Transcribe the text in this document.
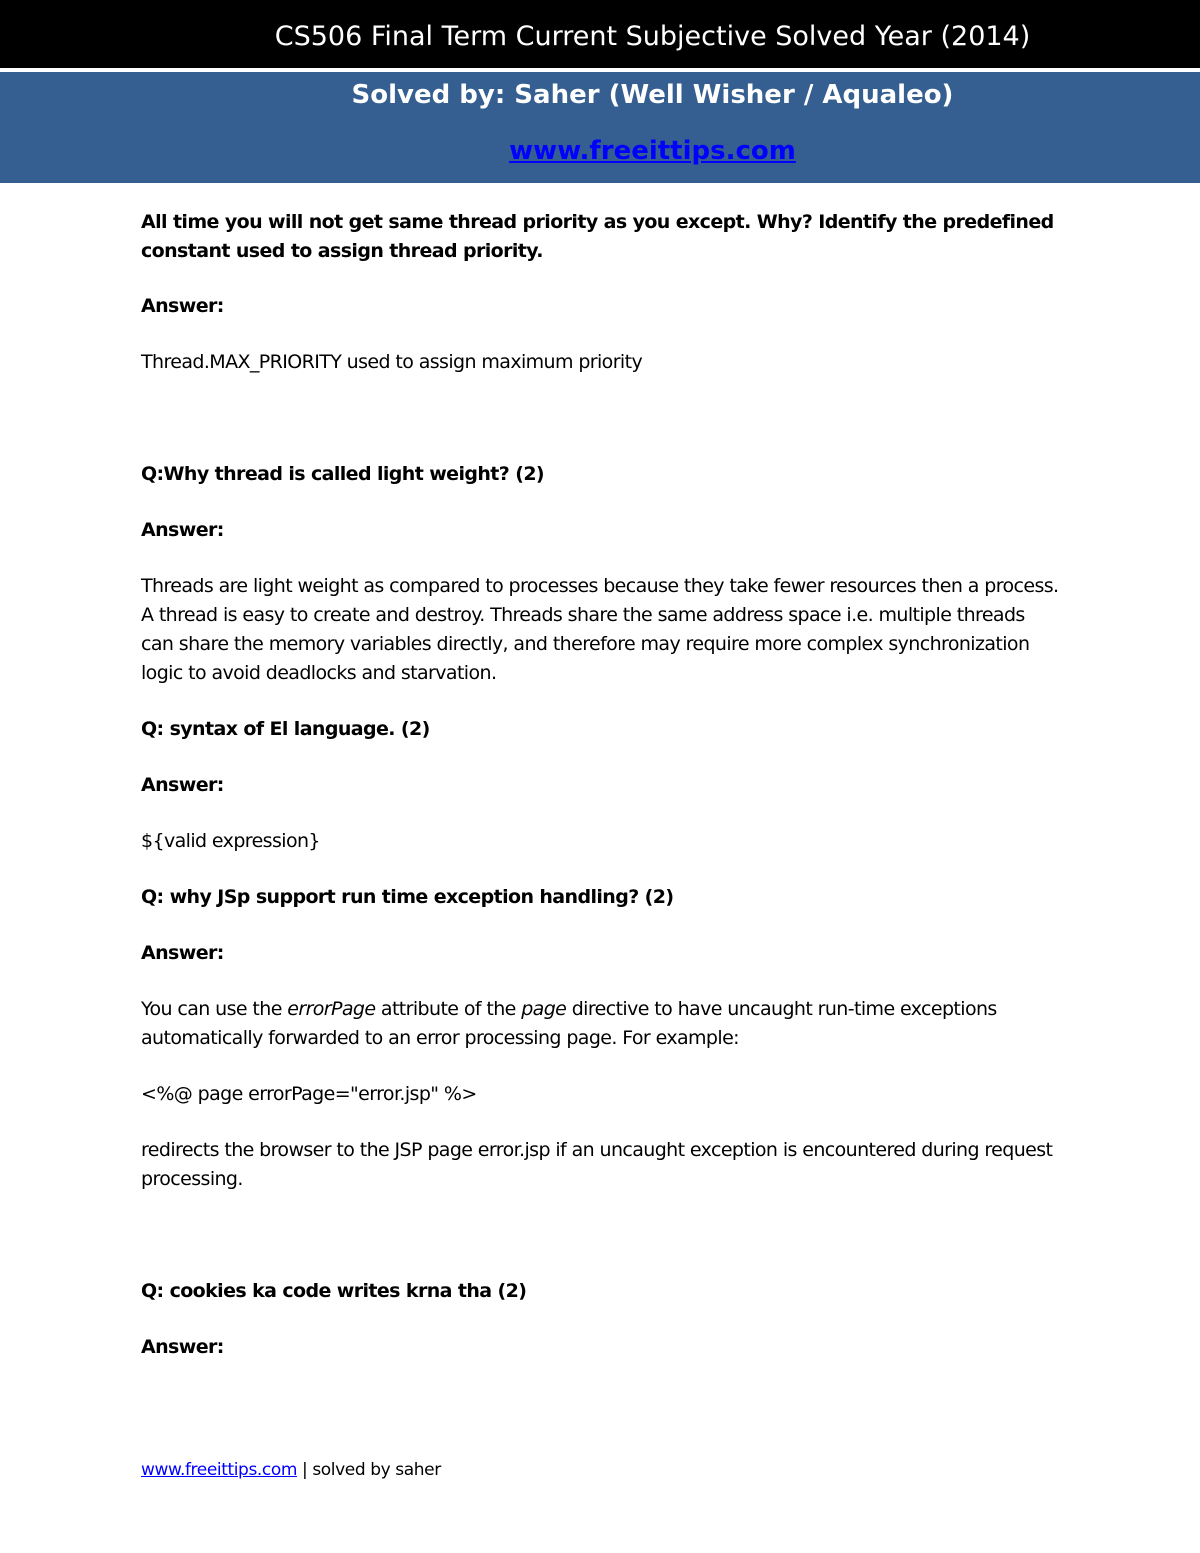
CS506 Final Term Current Subjective Solved Year (2014)
Solved by: Saher (Well Wisher / Aqualeo)
www.freeittips.com

All time you will not get same thread priority as you except. Why? Identify the predefined constant used to assign thread priority.

Answer:

Thread.MAX_PRIORITY used to assign maximum priority

Q:Why thread is called light weight? (2)

Answer:

Threads are light weight as compared to processes because they take fewer resources then a process. A thread is easy to create and destroy. Threads share the same address space i.e. multiple threads can share the memory variables directly, and therefore may require more complex synchronization logic to avoid deadlocks and starvation.

Q: syntax of El language. (2)

Answer:

${valid expression}

Q: why JSp support run time exception handling? (2)

Answer:

You can use the errorPage attribute of the page directive to have uncaught run-time exceptions automatically forwarded to an error processing page. For example:

<%@ page errorPage="error.jsp" %>

redirects the browser to the JSP page error.jsp if an uncaught exception is encountered during request processing.

Q: cookies ka code writes krna tha (2)

Answer:

www.freeittips.com | solved by saher
